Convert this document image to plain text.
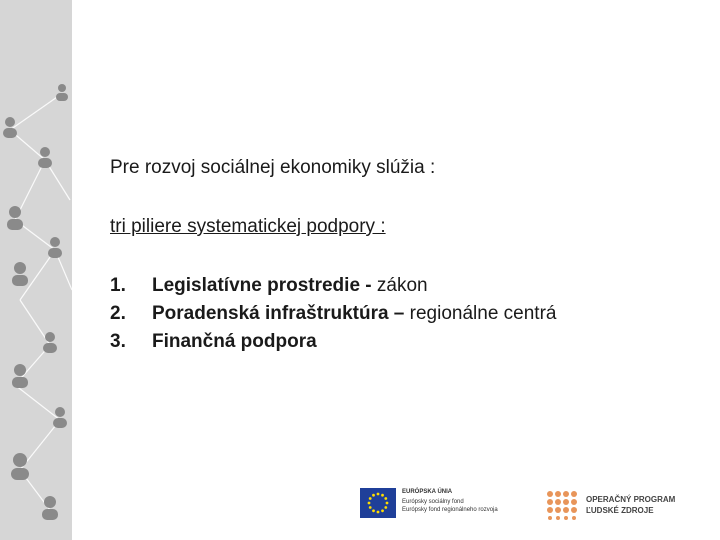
Pre rozvoj sociálnej ekonomiky slúžia :
tri piliere systematickej podpory :
1. Legislatívne prostredie - zákon
2. Poradenská infraštruktúra – regionálne centrá
3. Finančná podpora
EURÓPSKA ÚNIA
Európsky sociálny fond
Európsky fond regionálneho rozvoja
OPERAČNÝ PROGRAM
ĽUDSKÉ ZDROJE
